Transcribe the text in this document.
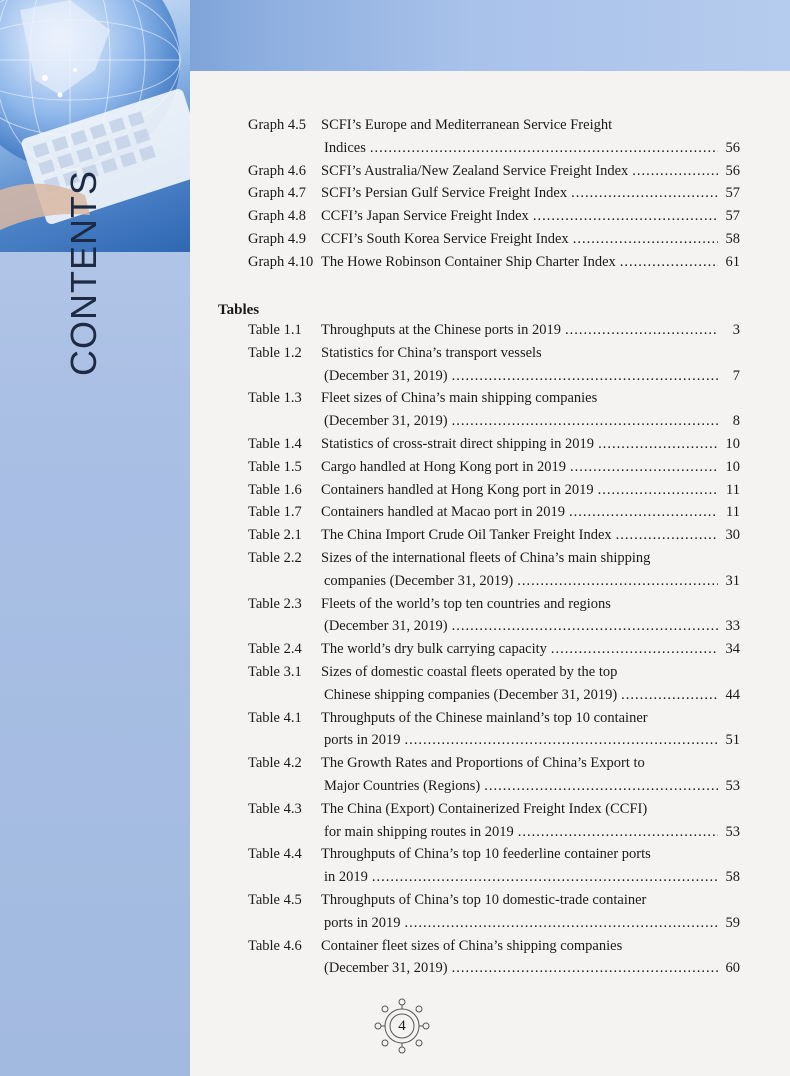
CONTENTS
Graph 4.5 SCFI’s Europe and Mediterranean Service Freight
Indices .....	56
Graph 4.6 SCFI’s Australia/New Zealand Service Freight Index .....	56
Graph 4.7 SCFI’s Persian Gulf Service Freight Index .....	57
Graph 4.8 CCFI’s Japan Service Freight Index .....	57
Graph 4.9 CCFI’s South Korea Service Freight Index .....	58
Graph 4.10 The Howe Robinson Container Ship Charter Index .....	61
Table 1.1 Throughputs at the Chinese ports in 2019 .....	3
Table 1.2 Statistics for China’s transport vessels
(December 31, 2019) .....	7
Table 1.3 Fleet sizes of China’s main shipping companies
(December 31, 2019) .....	8
Table 1.4 Statistics of cross-strait direct shipping in 2019 .....	10
Table 1.5 Cargo handled at Hong Kong port in 2019 .....	10
Table 1.6 Containers handled at Hong Kong port in 2019 .....	11
Table 1.7 Containers handled at Macao port in 2019 .....	11
Table 2.1 The China Import Crude Oil Tanker Freight Index .....	30
Table 2.2 Sizes of the international fleets of China’s main shipping
companies (December 31, 2019) .....	31
Table 2.3 Fleets of the world’s top ten countries and regions
(December 31, 2019) .....	33
Table 2.4 The world’s dry bulk carrying capacity .....	34
Table 3.1 Sizes of domestic coastal fleets operated by the top
Chinese shipping companies (December 31, 2019) .....	44
Table 4.1 Throughputs of the Chinese mainland’s top 10 container
ports in 2019 .....	51
Table 4.2 The Growth Rates and Proportions of China’s Export to
Major Countries (Regions) .....	53
Table 4.3 The China (Export) Containerized Freight Index (CCFI)
for main shipping routes in 2019 .....	53
Table 4.4 Throughputs of China’s top 10 feederline container ports
in 2019 .....	58
Table 4.5 Throughputs of China’s top 10 domestic-trade container
ports in 2019 .....	59
Table 4.6 Container fleet sizes of China’s shipping companies
(December 31, 2019) .....	60
Tables
4
